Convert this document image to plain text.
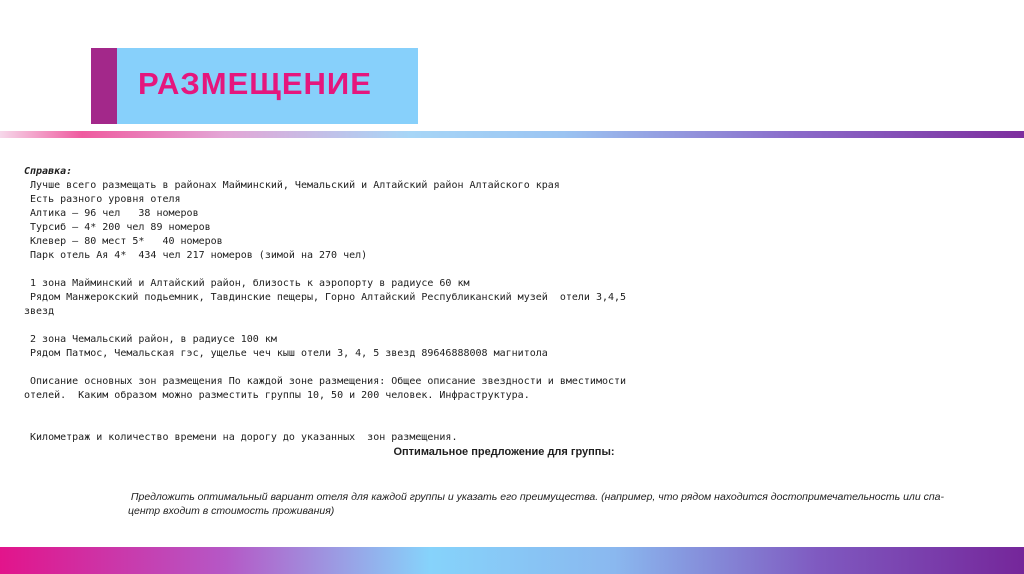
РАЗМЕЩЕНИЕ
Справка:
Лучше всего размещать в районах Майминский, Чемальский и Алтайский район Алтайского края
Есть разного уровня отеля
Алтика – 96 чел   38 номеров
Турсиб – 4* 200 чел 89 номеров
Клевер – 80 мест 5*   40 номеров
Парк отель Ая 4*  434 чел 217 номеров (зимой на 270 чел)

1 зона Майминский и Алтайский район, близость к аэропорту в радиусе 60 км
Рядом Манжерокский подьемник, Тавдинские пещеры, Горно Алтайский Республиканский музей  отели 3,4,5
звезд

2 зона Чемальский район, в радиусе 100 км
Рядом Патмос, Чемальская гэс, ущелье чеч кыш отели 3, 4, 5 звезд 89646888008 магнитола

Описание основных зон размещения По каждой зоне размещения: Общее описание звездности и вместимости
отелей.  Каким образом можно разместить группы 10, 50 и 200 человек. Инфраструктура.

Километраж и количество времени на дорогу до указанных  зон размещения.
Оптимальное предложение для группы:
Предложить оптимальный вариант отеля для каждой группы и указать его преимущества. (например, что рядом находится достопримечательность или спа-
центр входит в стоимость проживания)
